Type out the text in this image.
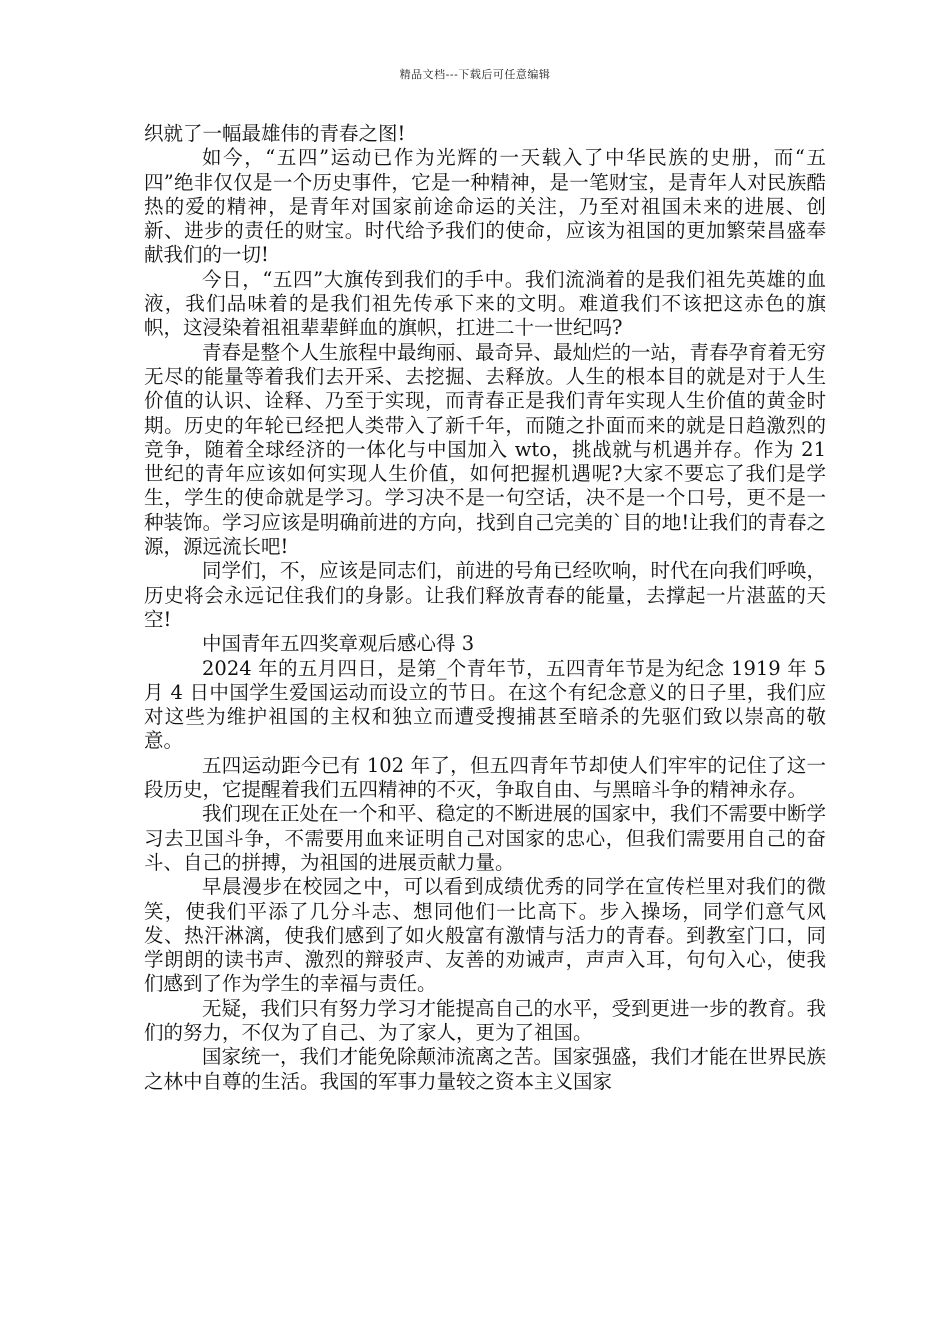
精品文档---下载后可任意编辑

织就了一幅最雄伟的青春之图!

如今，“五四”运动已作为光辉的一天载入了中华民族的史册，而“五四”绝非仅仅是一个历史事件，它是一种精神，是一笔财宝，是青年人对民族酷热的爱的精神，是青年对国家前途命运的关注，乃至对祖国未来的进展、创新、进步的责任的财宝。时代给予我们的使命，应该为祖国的更加繁荣昌盛奉献我们的一切!

今日，“五四”大旗传到我们的手中。我们流淌着的是我们祖先英雄的血液，我们品味着的是我们祖先传承下来的文明。难道我们不该把这赤色的旗帜，这浸染着祖祖辈辈鲜血的旗帜，扛进二十一世纪吗?

青春是整个人生旅程中最绚丽、最奇异、最灿烂的一站，青春孕育着无穷无尽的能量等着我们去开采、去挖掘、去释放。人生的根本目的就是对于人生价值的认识、诠释、乃至于实现，而青春正是我们青年实现人生价值的黄金时期。历史的年轮已经把人类带入了新千年，而随之扑面而来的就是日趋激烈的竞争，随着全球经济的一体化与中国加入 wto，挑战就与机遇并存。作为 21 世纪的青年应该如何实现人生价值，如何把握机遇呢?大家不要忘了我们是学生，学生的使命就是学习。学习决不是一句空话，决不是一个口号，更不是一种装饰。学习应该是明确前进的方向，找到自己完美的`目的地!让我们的青春之源，源远流长吧!

同学们，不，应该是同志们，前进的号角已经吹响，时代在向我们呼唤，历史将会永远记住我们的身影。让我们释放青春的能量，去撑起一片湛蓝的天空!

中国青年五四奖章观后感心得 3

2024 年的五月四日，是第_个青年节，五四青年节是为纪念 1919 年 5 月 4 日中国学生爱国运动而设立的节日。在这个有纪念意义的日子里，我们应对这些为维护祖国的主权和独立而遭受搜捕甚至暗杀的先驱们致以崇高的敬意。

五四运动距今已有 102 年了，但五四青年节却使人们牢牢的记住了这一段历史，它提醒着我们五四精神的不灭，争取自由、与黑暗斗争的精神永存。

我们现在正处在一个和平、稳定的不断进展的国家中，我们不需要中断学习去卫国斗争，不需要用血来证明自己对国家的忠心，但我们需要用自己的奋斗、自己的拼搏，为祖国的进展贡献力量。

早晨漫步在校园之中，可以看到成绩优秀的同学在宣传栏里对我们的微笑，使我们平添了几分斗志、想同他们一比高下。步入操场，同学们意气风发、热汗淋漓，使我们感到了如火般富有激情与活力的青春。到教室门口，同学朗朗的读书声、激烈的辩驳声、友善的劝诫声，声声入耳，句句入心，使我们感到了作为学生的幸福与责任。

无疑，我们只有努力学习才能提高自己的水平，受到更进一步的教育。我们的努力，不仅为了自己、为了家人，更为了祖国。

国家统一，我们才能免除颠沛流离之苦。国家强盛，我们才能在世界民族之林中自尊的生活。我国的军事力量较之资本主义国家
